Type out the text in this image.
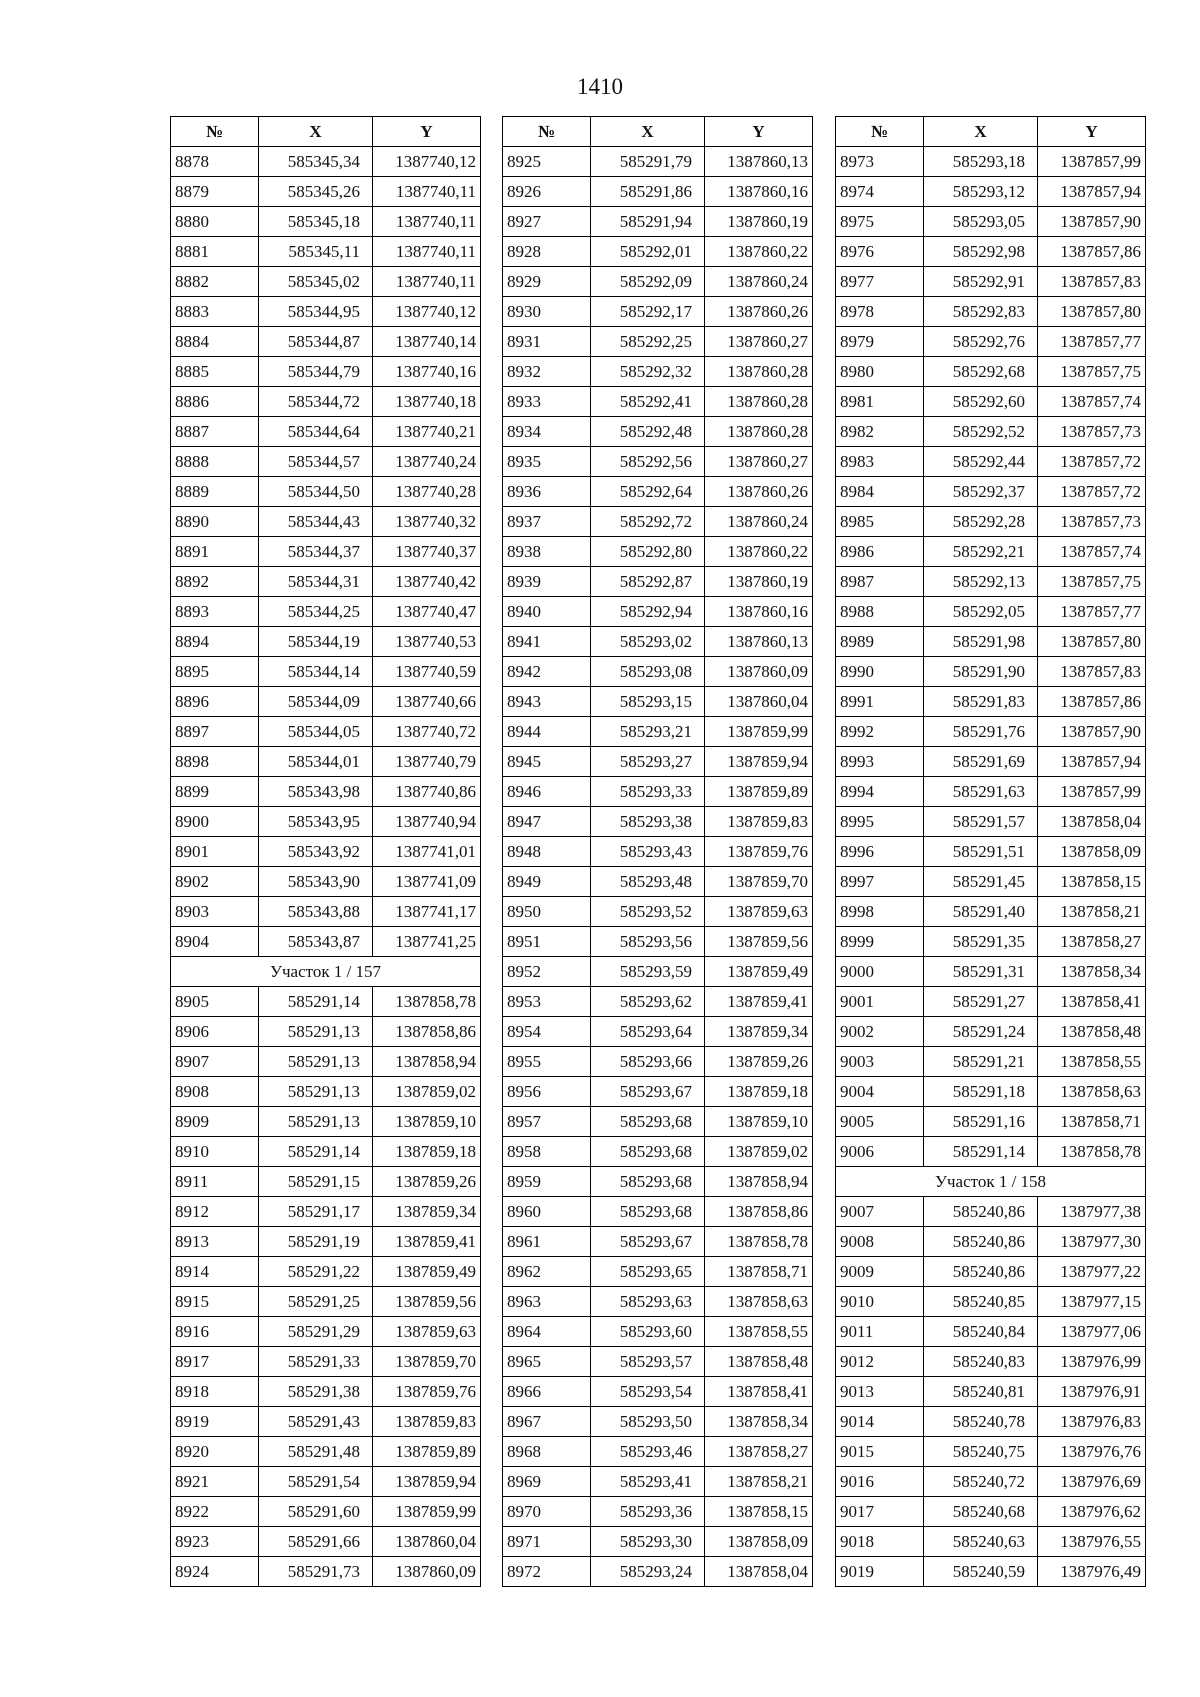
1410
№	X	Y
8878	585345,34	1387740,12
8879	585345,26	1387740,11
8880	585345,18	1387740,11
8881	585345,11	1387740,11
8882	585345,02	1387740,11
8883	585344,95	1387740,12
8884	585344,87	1387740,14
8885	585344,79	1387740,16
8886	585344,72	1387740,18
8887	585344,64	1387740,21
8888	585344,57	1387740,24
8889	585344,50	1387740,28
8890	585344,43	1387740,32
8891	585344,37	1387740,37
8892	585344,31	1387740,42
8893	585344,25	1387740,47
8894	585344,19	1387740,53
8895	585344,14	1387740,59
8896	585344,09	1387740,66
8897	585344,05	1387740,72
8898	585344,01	1387740,79
8899	585343,98	1387740,86
8900	585343,95	1387740,94
8901	585343,92	1387741,01
8902	585343,90	1387741,09
8903	585343,88	1387741,17
8904	585343,87	1387741,25
Участок 1 / 157		
8905	585291,14	1387858,78
8906	585291,13	1387858,86
8907	585291,13	1387858,94
8908	585291,13	1387859,02
8909	585291,13	1387859,10
8910	585291,14	1387859,18
8911	585291,15	1387859,26
8912	585291,17	1387859,34
8913	585291,19	1387859,41
8914	585291,22	1387859,49
8915	585291,25	1387859,56
8916	585291,29	1387859,63
8917	585291,33	1387859,70
8918	585291,38	1387859,76
8919	585291,43	1387859,83
8920	585291,48	1387859,89
8921	585291,54	1387859,94
8922	585291,60	1387859,99
8923	585291,66	1387860,04
8924	585291,73	1387860,09
№	X	Y
8925	585291,79	1387860,13
8926	585291,86	1387860,16
8927	585291,94	1387860,19
8928	585292,01	1387860,22
8929	585292,09	1387860,24
8930	585292,17	1387860,26
8931	585292,25	1387860,27
8932	585292,32	1387860,28
8933	585292,41	1387860,28
8934	585292,48	1387860,28
8935	585292,56	1387860,27
8936	585292,64	1387860,26
8937	585292,72	1387860,24
8938	585292,80	1387860,22
8939	585292,87	1387860,19
8940	585292,94	1387860,16
8941	585293,02	1387860,13
8942	585293,08	1387860,09
8943	585293,15	1387860,04
8944	585293,21	1387859,99
8945	585293,27	1387859,94
8946	585293,33	1387859,89
8947	585293,38	1387859,83
8948	585293,43	1387859,76
8949	585293,48	1387859,70
8950	585293,52	1387859,63
8951	585293,56	1387859,56
8952	585293,59	1387859,49
8953	585293,62	1387859,41
8954	585293,64	1387859,34
8955	585293,66	1387859,26
8956	585293,67	1387859,18
8957	585293,68	1387859,10
8958	585293,68	1387859,02
8959	585293,68	1387858,94
8960	585293,68	1387858,86
8961	585293,67	1387858,78
8962	585293,65	1387858,71
8963	585293,63	1387858,63
8964	585293,60	1387858,55
8965	585293,57	1387858,48
8966	585293,54	1387858,41
8967	585293,50	1387858,34
8968	585293,46	1387858,27
8969	585293,41	1387858,21
8970	585293,36	1387858,15
8971	585293,30	1387858,09
8972	585293,24	1387858,04
№	X	Y
8973	585293,18	1387857,99
8974	585293,12	1387857,94
8975	585293,05	1387857,90
8976	585292,98	1387857,86
8977	585292,91	1387857,83
8978	585292,83	1387857,80
8979	585292,76	1387857,77
8980	585292,68	1387857,75
8981	585292,60	1387857,74
8982	585292,52	1387857,73
8983	585292,44	1387857,72
8984	585292,37	1387857,72
8985	585292,28	1387857,73
8986	585292,21	1387857,74
8987	585292,13	1387857,75
8988	585292,05	1387857,77
8989	585291,98	1387857,80
8990	585291,90	1387857,83
8991	585291,83	1387857,86
8992	585291,76	1387857,90
8993	585291,69	1387857,94
8994	585291,63	1387857,99
8995	585291,57	1387858,04
8996	585291,51	1387858,09
8997	585291,45	1387858,15
8998	585291,40	1387858,21
8999	585291,35	1387858,27
9000	585291,31	1387858,34
9001	585291,27	1387858,41
9002	585291,24	1387858,48
9003	585291,21	1387858,55
9004	585291,18	1387858,63
9005	585291,16	1387858,71
9006	585291,14	1387858,78
Участок 1 / 158		
9007	585240,86	1387977,38
9008	585240,86	1387977,30
9009	585240,86	1387977,22
9010	585240,85	1387977,15
9011	585240,84	1387977,06
9012	585240,83	1387976,99
9013	585240,81	1387976,91
9014	585240,78	1387976,83
9015	585240,75	1387976,76
9016	585240,72	1387976,69
9017	585240,68	1387976,62
9018	585240,63	1387976,55
9019	585240,59	1387976,49
